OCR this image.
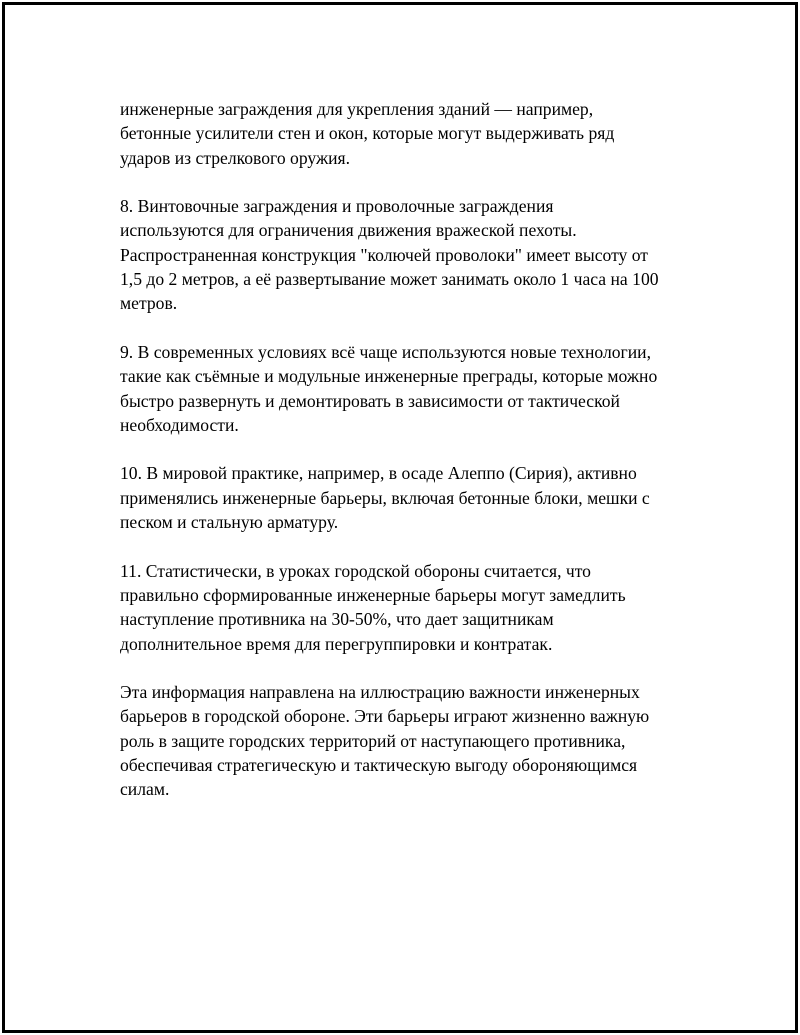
инженерные заграждения для укрепления зданий — например,
бетонные усилители стен и окон, которые могут выдерживать ряд
ударов из стрелкового оружия.

8. Винтовочные заграждения и проволочные заграждения
используются для ограничения движения вражеской пехоты.
Распространенная конструкция "колючей проволоки" имеет высоту от
1,5 до 2 метров, а её развертывание может занимать около 1 часа на 100
метров.

9. В современных условиях всё чаще используются новые технологии,
такие как съёмные и модульные инженерные преграды, которые можно
быстро развернуть и демонтировать в зависимости от тактической
необходимости.

10. В мировой практике, например, в осаде Алеппо (Сирия), активно
применялись инженерные барьеры, включая бетонные блоки, мешки с
песком и стальную арматуру.

11. Статистически, в уроках городской обороны считается, что
правильно сформированные инженерные барьеры могут замедлить
наступление противника на 30-50%, что дает защитникам
дополнительное время для перегруппировки и контратак.

Эта информация направлена на иллюстрацию важности инженерных
барьеров в городской обороне. Эти барьеры играют жизненно важную
роль в защите городских территорий от наступающего противника,
обеспечивая стратегическую и тактическую выгоду обороняющимся
силам.
